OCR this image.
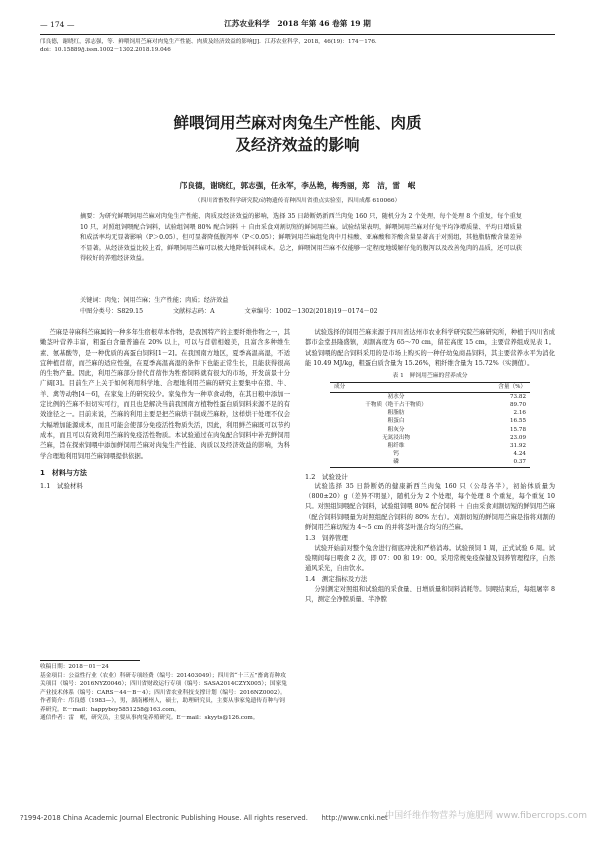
— 174 —	江苏农业科学　2018 年第 46 卷第 19 期
邝良德，谢晓红，郭志强，等．鲜喂饲用苎麻对肉兔生产性能、肉质及经济效益的影响[J]．江苏农业科学，2018，46(19)：174－176．
doi：10.15889/j.issn.1002－1302.2018.19.046
鲜喂饲用苎麻对肉兔生产性能、肉质
及经济效益的影响
邝良德，谢晓红，郭志强，任永军，李丛艳，梅秀丽，郑　洁，雷　岷
（四川省畜牧科学研究院/动物遗传育种四川省重点实验室，四川成都 610066）
摘要：为研究鲜喂饲用苎麻对肉兔生产性能、肉质及经济效益的影响，选择 35 日龄断奶新西兰肉兔 160 只，随机分为 2 个处理，每个处理 8 个重复，每个重复 10 只，对照组饲喂配合饲料，试验组饲喂 80% 配合饲料 ＋ 自由采食刈割切短的鲜饲用苎麻。试验结果表明，鲜喂饲用苎麻对仔兔平均净增质量、平均日增质量和成活率均无显著影响（P＞0.05），但可显著降低腹泻率（P＜0.05）；鲜喂饲用苎麻组兔肉中月桂酸、亚麻酸和芥酸含量显著高于对照组，其他脂肪酸含量差异不显著。从经济效益比较上看，鲜喂饲用苎麻可以极大地降低饲料成本。总之，鲜喂饲用苎麻不仅能够一定程度地缓解仔兔的腹泻以及改善兔肉的品质，还可以获得较好的养殖经济效益。
关键词：肉兔；饲用苎麻；生产性能；肉质；经济效益
中图分类号：S829.15	文献标志码：A	文章编号：1002－1302(2018)19－0174－02

苎麻是荨麻科苎麻属的一种多年生宿根草本作物，是我国特产的主要纤维作物之一，其嫩茎叶营养丰富，粗蛋白含量普遍在 20% 以上，可以与苜蓿相媲美，且富含多种维生素、氨基酸等，是一种优质的高蛋白饲料[1－2]。在我国南方地区，夏季高温高湿，不适宜种植苜蓿，而苎麻的适应性强，在夏季高温高湿的条件下也能正常生长，且能获得很高的生物产量。因此，利用苎麻部分替代苜蓿作为牲畜饲料就有很大的市场，开发前景十分广阔[3]。目前生产上关于如何利用科学地、合理地利用苎麻的研究主要集中在猪、牛、羊、禽等动物[4－6]，在家兔上的研究较少。家兔作为一种草食动物，在其日粮中添加一定比例的苎麻不但切实可行，而且也是解决当前我国南方植物性蛋白质饲料来源不足的有效途径之一。目前来说，苎麻的利用主要是把苎麻烘干制成苎麻粉，这样烘干处理不仅会大幅增加能源成本，而且可能会使部分免疫活性物质失活，因此，利用鲜苎麻既可以节约成本，而且可以有效利用苎麻的免疫活性物质。本试验通过在肉兔配合饲料中补充鲜饲用苎麻，旨在探索饲喂中添加鲜饲用苎麻对肉兔生产性能、肉质以及经济效益的影响，为科学合理地利用饲用苎麻饲喂提供依据。

1　材料与方法
1.1　试验材料
收稿日期：2018－01－24
基金项目：公益性行业（农业）科研专项经费（编号：201403049）；四川省“十三五”畜禽育种攻关项目（编号：2016NYZ0046）；四川省财政运行专项（编号：SASA2014CZYX005）；国家兔产业技术体系（编号：CARS－44－B－4）；四川省农业科技支撑计划（编号：2016NZ0002）。
作者简介：邝良德（1983—），男，湖南郴州人，硕士，助理研究员，主要从事家兔遗传育种与饲养研究。E－mail：happyboy5851258@163.com。
通信作者：雷　岷，研究员，主要从事肉兔养殖研究。E－mail：skyyts@126.com。

试验选择的饲用苎麻来源于四川省达州市农业科学研究院苎麻研究所，种植于四川省成都市金堂县隆盛镇，刈割高度为 65～70 cm，留茬高度 15 cm，主要营养组成见表 1。试验饲喂的配合饲料采用的是市场上购买的一种仔幼兔商品饲料，其主要营养水平为消化能 10.49 MJ/kg，粗蛋白质含量为 15.26%，粗纤维含量为 15.72%（实测值）。

表 1　鲜饲用苎麻的营养成分
成分	含量（%）
初水分	73.82
干物质（绝干占干物质）	89.70
粗脂肪	2.16
粗蛋白	16.55
粗灰分	15.78
无氮浸出物	23.09
粗纤维	31.92
钙	4.24
磷	0.37
1.2　试验设计

试验选择 35 日龄断奶的健康新西兰肉兔 160 只（公母各半），初始体质量为（800±20）g（差异不明显），随机分为 2 个处理，每个处理 8 个重复，每个重复 10 只。对照组饲喂配合饲料，试验组饲喂 80% 配合饲料 ＋ 自由采食刈割切短的鲜饲用苎麻（配合饲料饲喂量为对照组配合饲料的 80% 左右）。刈割切短的鲜饲用苎麻是指将刈割的鲜饲用苎麻切短为 4～5 cm 的并将茎叶混合均匀的苎麻。

1.3　饲养管理

试验开始前对整个兔舍进行彻底冲洗和严格消毒。试验预饲 1 周，正式试验 6 周。试验期间每日喂食 2 次，即 07：00 和 19：00。采用常规免疫保健及饲养管理程序，自然通风采光，自由饮水。

1.4　测定指标及方法

分别测定对照组和试验组的采食量、日增质量和饲料消耗等。饲喂结束后，每组屠宰 8 只，测定全净膛质量、半净膛

?1994-2018 China Academic Journal Electronic Publishing House. All rights reserved.　　http://www.cnki.net
中国纤维作物营养与施肥网 www.fibercrops.com
